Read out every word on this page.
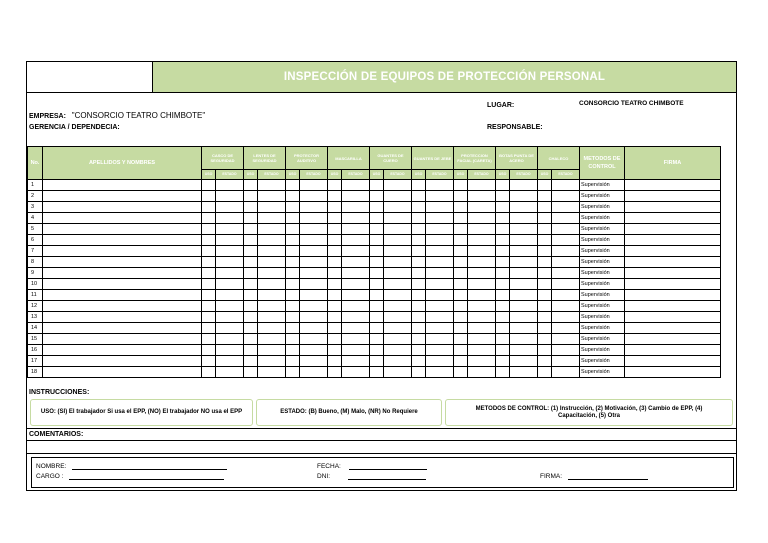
INSPECCIÓN DE EQUIPOS DE PROTECCIÓN PERSONAL
EMPRESA: "CONSORCIO TEATRO CHIMBOTE"
GERENCIA / DEPENDECIA:
LUGAR:	CONSORCIO TEATRO CHIMBOTE
RESPONSABLE:
No.	APELLIDOS Y NOMBRES	CASCO DE SEGURIDAD		LENTES DE SEGURIDAD		PROTECTOR AUDITIVO		MASCARILLA		GUANTES DE CUERO		GUANTES DE JEBE		PROTECCION FACIAL (CARETA)		BOTAS PUNTA DE ACERO		CHALECO		METODOS DE CONTROL	FIRMA
		USO	ESTADO	USO	ESTADO	USO	ESTADO	USO	ESTADO	USO	ESTADO	USO	ESTADO	USO	ESTADO	USO	ESTADO	USO	ESTADO		
1																				Supervisión	
2																				Supervisión	
3																				Supervisión	
4																				Supervisión	
5																				Supervisión	
6																				Supervisión	
7																				Supervisión	
8																				Supervisión	
9																				Supervisión	
10																				Supervisión	
11																				Supervisión	
12																				Supervisión	
13																				Supervisión	
14																				Supervisión	
15																				Supervisión	
16																				Supervisión	
17																				Supervisión	
18																				Supervisión	
INSTRUCCIONES:
USO: (SI) El trabajador Si usa el EPP, (NO) El trabajador NO usa el EPP	ESTADO: (B) Bueno, (M) Malo, (NR) No Requiere
METODOS DE CONTROL: (1) Instrucción, (2) Motivación, (3) Cambio de EPP, (4) Capacitación, (5) Otra
COMENTARIOS:
NOMBRE:
CARGO :
FECHA:
DNI:	FIRMA:
